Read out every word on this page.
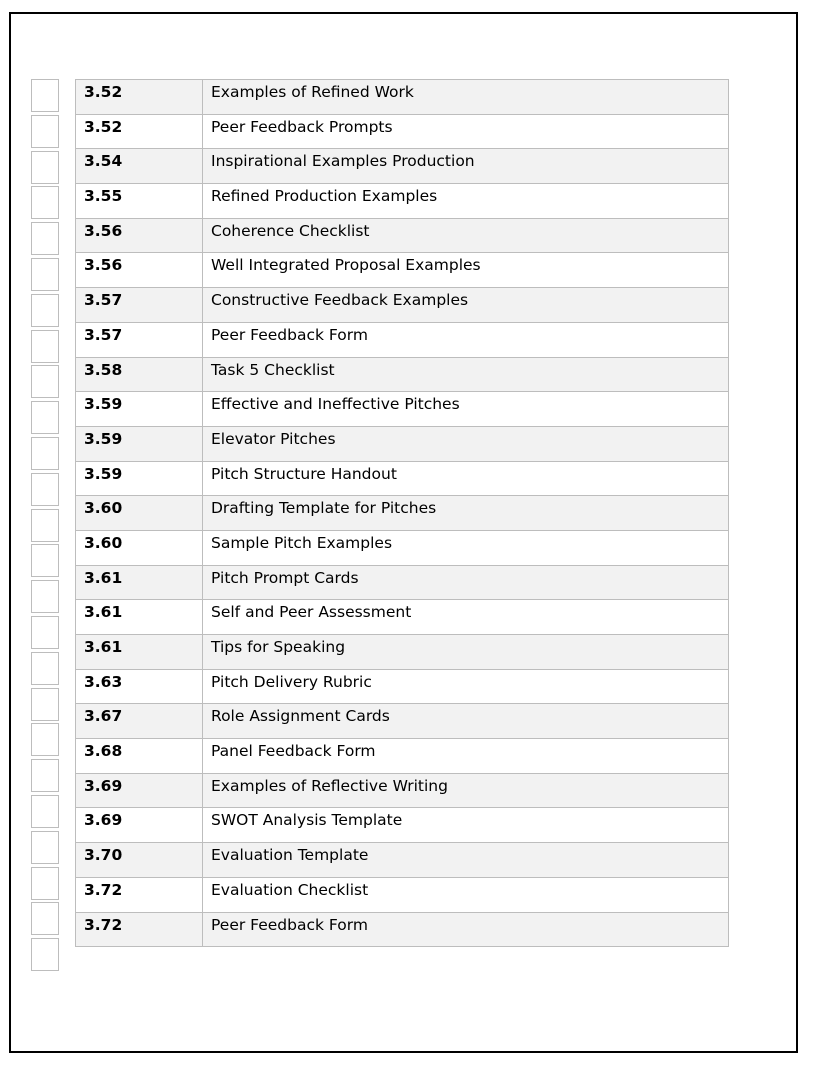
3.52	Examples of Refined Work
3.52	Peer Feedback Prompts
3.54	Inspirational Examples Production
3.55	Refined Production Examples
3.56	Coherence Checklist
3.56	Well Integrated Proposal Examples
3.57	Constructive Feedback Examples
3.57	Peer Feedback Form
3.58	Task 5 Checklist
3.59	Effective and Ineffective Pitches
3.59	Elevator Pitches
3.59	Pitch Structure Handout
3.60	Drafting Template for Pitches
3.60	Sample Pitch Examples
3.61	Pitch Prompt Cards
3.61	Self and Peer Assessment
3.61	Tips for Speaking
3.63	Pitch Delivery Rubric
3.67	Role Assignment Cards
3.68	Panel Feedback Form
3.69	Examples of Reflective Writing
3.69	SWOT Analysis Template
3.70	Evaluation Template
3.72	Evaluation Checklist
3.72	Peer Feedback Form
